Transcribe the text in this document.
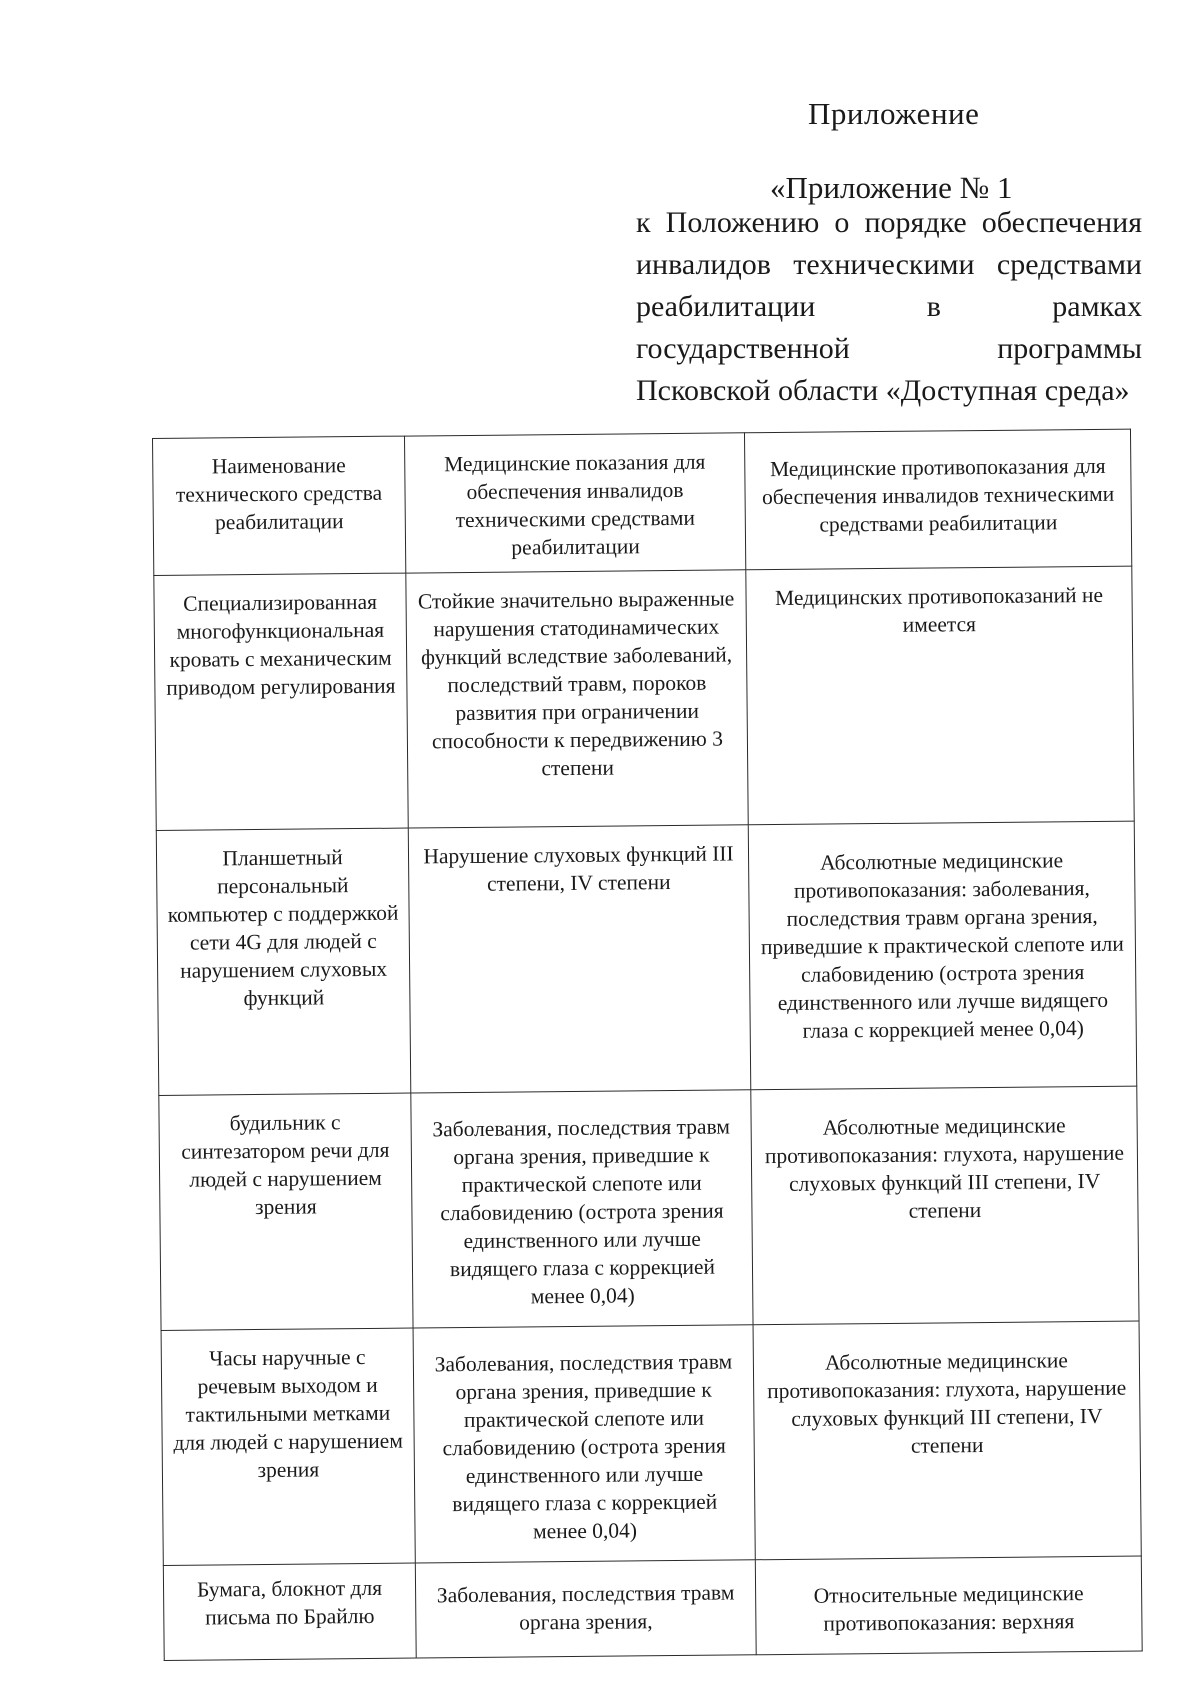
Приложение
«Приложение № 1
к Положению о порядке обеспечения
инвалидов техническими средствами
реабилитации в рамках
государственной программы
Псковской области «Доступная среда»
Наименование технического средства реабилитации	Медицинские показания для обеспечения инвалидов техническими средствами реабилитации	Медицинские противопоказания для обеспечения инвалидов техническими средствами реабилитации
Специализированная многофункциональная кровать с механическим приводом регулирования	Стойкие значительно выраженные нарушения статодинамических функций вследствие заболеваний, последствий травм, пороков развития при ограничении способности к передвижению 3 степени	Медицинских противопоказаний не имеется
Планшетный персональный компьютер с поддержкой сети 4G для людей с нарушением слуховых функций	Нарушение слуховых функций III степени, IV степени	Абсолютные медицинские противопоказания: заболевания, последствия травм органа зрения, приведшие к практической слепоте или слабовидению (острота зрения единственного или лучше видящего глаза с коррекцией менее 0,04)
будильник с синтезатором речи для людей с нарушением зрения	Заболевания, последствия травм органа зрения, приведшие к практической слепоте или слабовидению (острота зрения единственного или лучше видящего глаза с коррекцией менее 0,04)	Абсолютные медицинские противопоказания: глухота, нарушение слуховых функций III степени, IV степени
Часы наручные с речевым выходом и тактильными метками для людей с нарушением зрения	Заболевания, последствия травм органа зрения, приведшие к практической слепоте или слабовидению (острота зрения единственного или лучше видящего глаза с коррекцией менее 0,04)	Абсолютные медицинские противопоказания: глухота, нарушение слуховых функций III степени, IV степени
Бумага, блокнот для письма по Брайлю	Заболевания, последствия травм органа зрения,	Относительные медицинские противопоказания: верхняя
